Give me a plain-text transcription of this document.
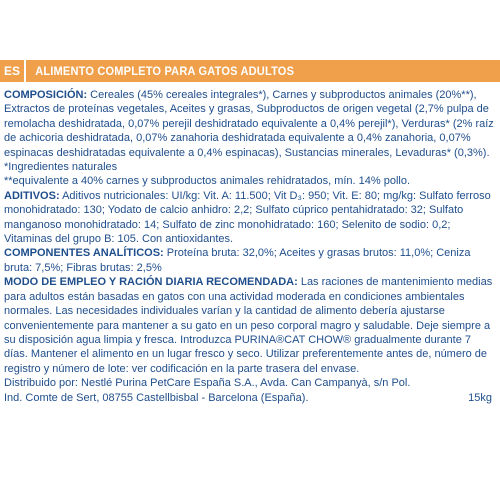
ES	ALIMENTO COMPLETO PARA GATOS ADULTOS

COMPOSICIÓN: Cereales (45% cereales integrales*), Carnes y subproductos animales (20%**), Extractos de proteínas vegetales, Aceites y grasas, Subproductos de origen vegetal (2,7% pulpa de remolacha deshidratada, 0,07% perejil deshidratado equivalente a 0,4% perejil*), Verduras* (2% raíz de achicoria deshidratada, 0,07% zanahoria deshidratada equivalente a 0,4% zanahoria, 0,07% espinacas deshidratadas equivalente a 0,4% espinacas), Sustancias minerales, Levaduras* (0,3%).

*Ingredientes naturales

**equivalente a 40% carnes y subproductos animales rehidratados, mín. 14% pollo.

ADITIVOS: Aditivos nutricionales: UI/kg: Vit. A: 11.500; Vit D₃: 950; Vit. E: 80; mg/kg: Sulfato ferroso monohidratado: 130; Yodato de calcio anhidro: 2,2; Sulfato cúprico pentahidratado: 32; Sulfato manganoso monohidratado: 14; Sulfato de zinc monohidratado: 160; Selenito de sodio: 0,2; Vitaminas del grupo B: 105. Con antioxidantes.

COMPONENTES ANALÍTICOS: Proteína bruta: 32,0%; Aceites y grasas brutos: 11,0%; Ceniza bruta: 7,5%; Fibras brutas: 2,5%

MODO DE EMPLEO Y RACIÓN DIARIA RECOMENDADA: Las raciones de mantenimiento medias para adultos están basadas en gatos con una actividad moderada en condiciones ambientales normales. Las necesidades individuales varían y la cantidad de alimento debería ajustarse convenientemente para mantener a su gato en un peso corporal magro y saludable. Deje siempre a su disposición agua limpia y fresca. Introduzca PURINA®CAT CHOW® gradualmente durante 7 días. Mantener el alimento en un lugar fresco y seco. Utilizar preferentemente antes de, número de registro y número de lote: ver codificación en la parte trasera del envase.

Distribuido por: Nestlé Purina PetCare España S.A., Avda. Can Campanyà, s/n Pol. Ind. Comte de Sert, 08755 Castellbisbal - Barcelona (España).	15kg
